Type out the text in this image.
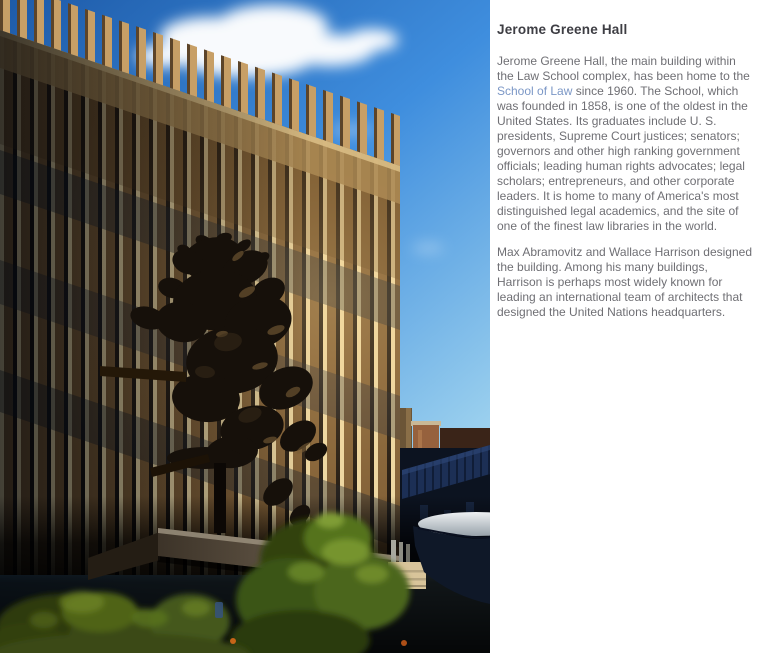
Jerome Greene Hall

Jerome Greene Hall, the main building within the Law School complex, has been home to the School of Law since 1960. The School, which was founded in 1858, is one of the oldest in the United States. Its graduates include U. S. presidents, Supreme Court justices; senators; governors and other high ranking government officials; leading human rights advocates; legal scholars; entrepreneurs, and other corporate leaders. It is home to many of America's most distinguished legal academics, and the site of one of the finest law libraries in the world.

Max Abramovitz and Wallace Harrison designed the building. Among his many buildings, Harrison is perhaps most widely known for leading an international team of architects that designed the United Nations headquarters.
